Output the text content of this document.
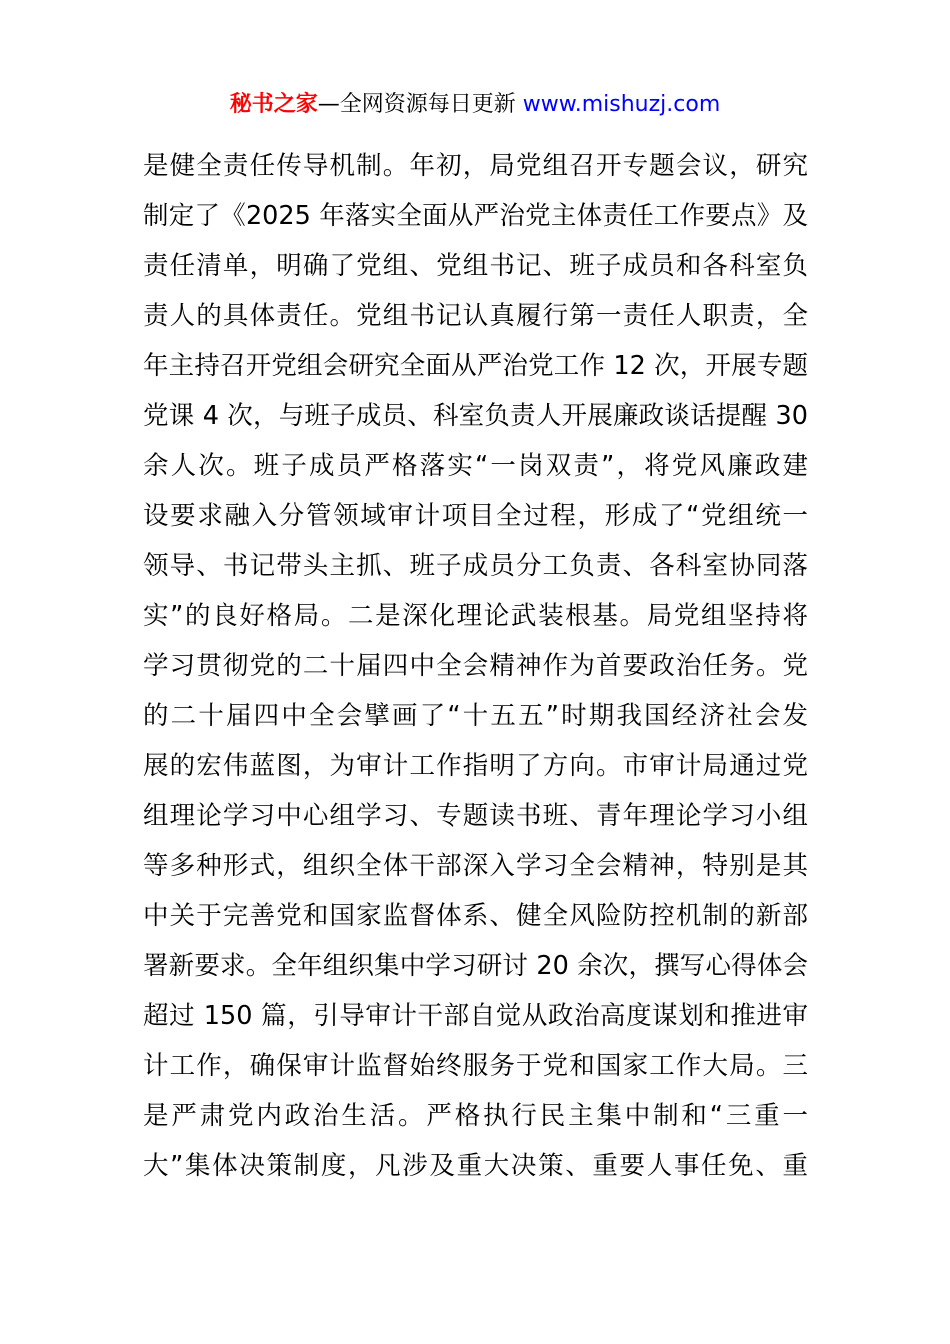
秘书之家—全网资源每日更新 www.mishuzj.com
是健全责任传导机制。年初，局党组召开专题会议，研究
制定了《2025 年落实全面从严治党主体责任工作要点》及
责任清单，明确了党组、党组书记、班子成员和各科室负
责人的具体责任。党组书记认真履行第一责任人职责，全
年主持召开党组会研究全面从严治党工作 12 次，开展专题
党课 4 次，与班子成员、科室负责人开展廉政谈话提醒 30
余人次。班子成员严格落实“一岗双责”，将党风廉政建
设要求融入分管领域审计项目全过程，形成了“党组统一
领导、书记带头主抓、班子成员分工负责、各科室协同落
实”的良好格局。二是深化理论武装根基。局党组坚持将
学习贯彻党的二十届四中全会精神作为首要政治任务。党
的二十届四中全会擘画了“十五五”时期我国经济社会发
展的宏伟蓝图，为审计工作指明了方向。市审计局通过党
组理论学习中心组学习、专题读书班、青年理论学习小组
等多种形式，组织全体干部深入学习全会精神，特别是其
中关于完善党和国家监督体系、健全风险防控机制的新部
署新要求。全年组织集中学习研讨 20 余次，撰写心得体会
超过 150 篇，引导审计干部自觉从政治高度谋划和推进审
计工作，确保审计监督始终服务于党和国家工作大局。三
是严肃党内政治生活。严格执行民主集中制和“三重一
大”集体决策制度，凡涉及重大决策、重要人事任免、重
